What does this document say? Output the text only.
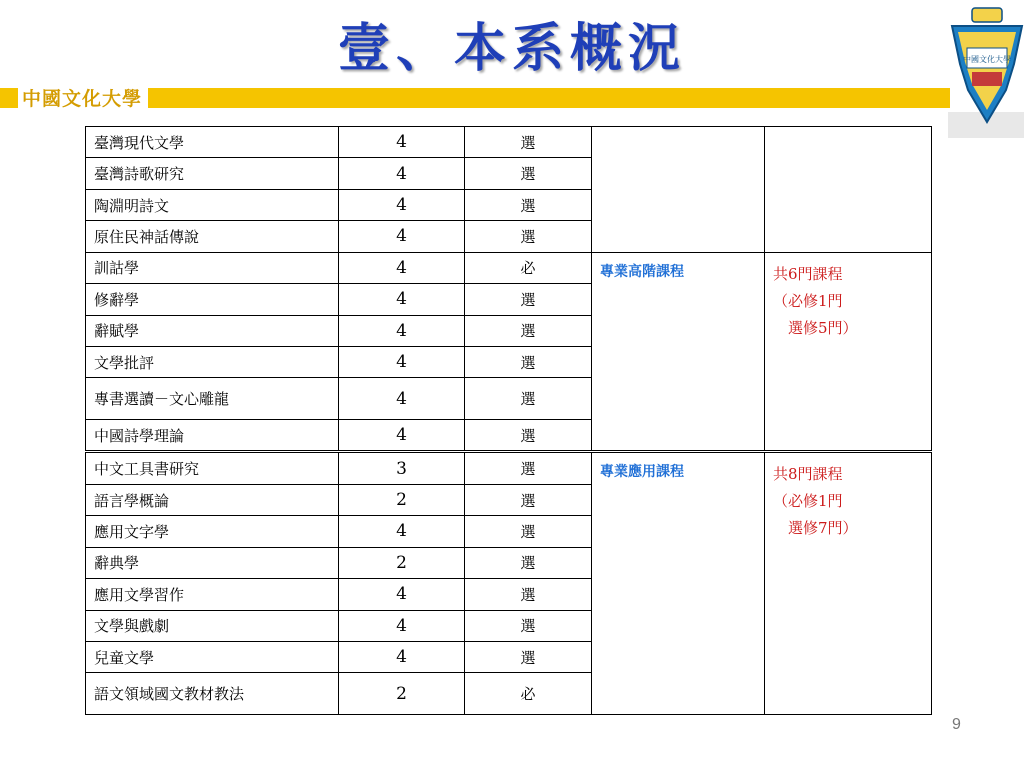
壹、本系概況
中國文化大學
中國文化大學
臺灣現代文學	4	選		
臺灣詩歌研究	4	選		
陶淵明詩文	4	選		
原住民神話傳說	4	選		
訓詁學	4	必	專業高階課程	共6門課程
（必修1門
　選修5門）

修辭學	4	選		
辭賦學	4	選		
文學批評	4	選		
專書選讀－文心雕龍	4	選		
中國詩學理論	4	選		
中文工具書研究	3	選	專業應用課程	共8門課程
（必修1門
　選修7門）

語言學概論	2	選		
應用文字學	4	選		
辭典學	2	選		
應用文學習作	4	選		
文學與戲劇	4	選		
兒童文學	4	選		
語文領域國文教材教法	2	必		
9
